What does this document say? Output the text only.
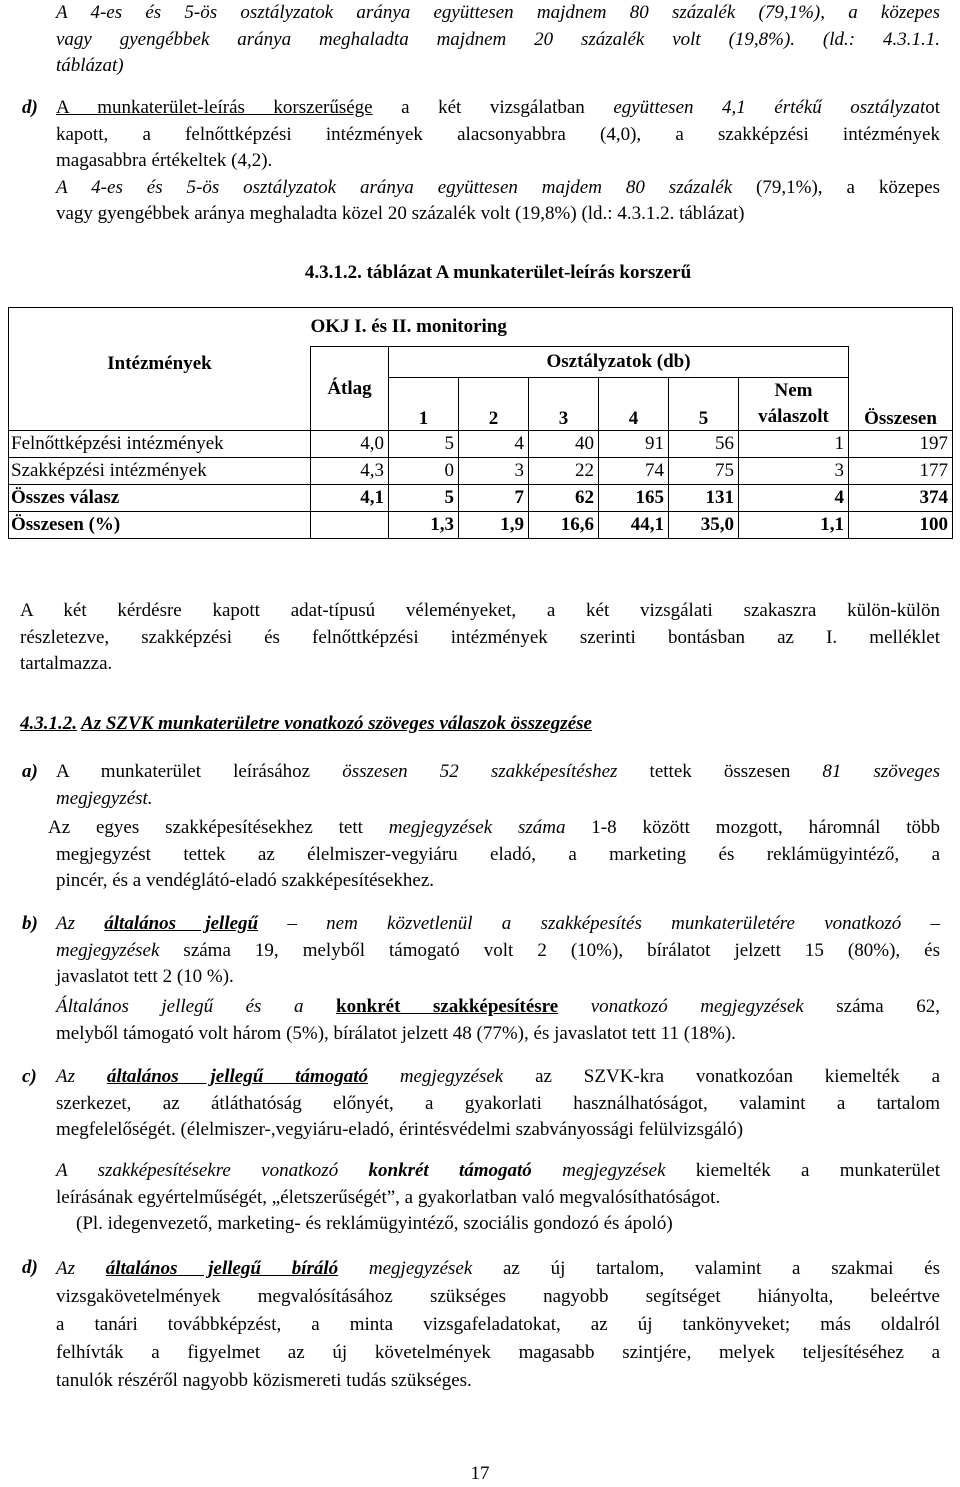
A 4-es és 5-ös osztályzatok aránya együttesen majdnem 80 százalék (79,1%), a közepes
vagy gyengébbek aránya meghaladta majdnem 20 százalék volt (19,8%). (ld.: 4.3.1.1.
táblázat)
d) A munkaterület-leírás korszerűsége a két vizsgálatban együttesen 4,1 értékű osztályzatot
kapott, a felnőttképzési intézmények alacsonyabbra (4,0), a szakképzési intézmények
magasabbra értékeltek (4,2).
A 4-es és 5-ös osztályzatok aránya együttesen majdem 80 százalék (79,1%), a közepes
vagy gyengébbek aránya meghaladta közel 20 százalék volt (19,8%) (ld.: 4.3.1.2. táblázat)
4.3.1.2. táblázat A munkaterület-leírás korszerű
	OKJ I. és II. monitoring							
Intézmények	Átlag	Osztályzatok (db)						
		1	2	3	4	5	Nem
válaszolt	Összesen
Felnőttképzési intézmények	4,0	5	4	40	91	56	1	197
Szakképzési intézmények	4,3	0	3	22	74	75	3	177
Összes válasz	4,1	5	7	62	165	131	4	374
Összesen (%)		1,3	1,9	16,6	44,1	35,0	1,1	100
A két kérdésre kapott adat-típusú véleményeket, a két vizsgálati szakaszra külön-külön
részletezve, szakképzési és felnőttképzési intézmények szerinti bontásban az I. melléklet
tartalmazza.
4.3.1.2. Az SZVK munkaterületre vonatkozó szöveges válaszok összegzése
a) A munkaterület leírásához összesen 52 szakképesítéshez tettek összesen 81 szöveges
megjegyzést.
Az egyes szakképesítésekhez tett megjegyzések száma 1-8 között mozgott, háromnál több
megjegyzést tettek az élelmiszer-vegyiáru eladó, a marketing és reklámügyintéző, a
pincér, és a vendéglátó-eladó szakképesítésekhez.
b) Az általános jellegű – nem közvetlenül a szakképesítés munkaterületére vonatkozó –
megjegyzések száma 19, melyből támogató volt 2 (10%), bírálatot jelzett 15 (80%), és
javaslatot tett 2 (10 %).
Általános jellegű és a konkrét szakképesítésre vonatkozó megjegyzések száma 62,
melyből támogató volt három (5%), bírálatot jelzett 48 (77%), és javaslatot tett 11 (18%).
c) Az általános jellegű támogató megjegyzések az SZVK-kra vonatkozóan kiemelték a
szerkezet, az átláthatóság előnyét, a gyakorlati használhatóságot, valamint a tartalom
megfelelőségét. (élelmiszer-,vegyiáru-eladó, érintésvédelmi szabványossági felülvizsgáló)
A szakképesítésekre vonatkozó konkrét támogató megjegyzések kiemelték a munkaterület
leírásának egyértelműségét, „életszerűségét”, a gyakorlatban való megvalósíthatóságot.
(Pl. idegenvezető, marketing- és reklámügyintéző, szociális gondozó és ápoló)
d) Az általános jellegű bíráló megjegyzések az új tartalom, valamint a szakmai és
vizsgakövetelmények megvalósításához szükséges nagyobb segítséget hiányolta, beleértve
a tanári továbbképzést, a minta vizsgafeladatokat, az új tankönyveket; más oldalról
felhívták a figyelmet az új követelmények magasabb szintjére, melyek teljesítéséhez a
tanulók részéről nagyobb közismereti tudás szükséges.
17
